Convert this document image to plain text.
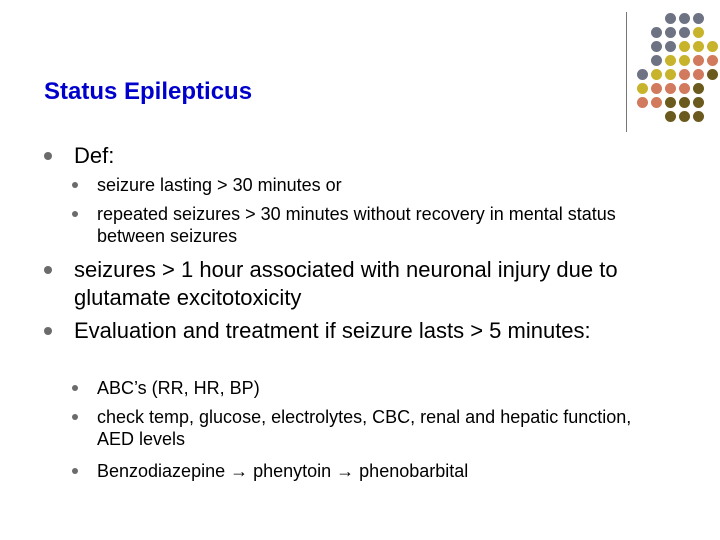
Status Epilepticus
Def:
seizure lasting > 30 minutes or
repeated seizures > 30 minutes without recovery in mental status between seizures
seizures > 1 hour associated with neuronal injury due to glutamate excitotoxicity
Evaluation and treatment if seizure lasts > 5 minutes:
ABC’s (RR, HR, BP)
check temp, glucose, electrolytes, CBC, renal and hepatic function, AED levels
Benzodiazepine → phenytoin → phenobarbital
